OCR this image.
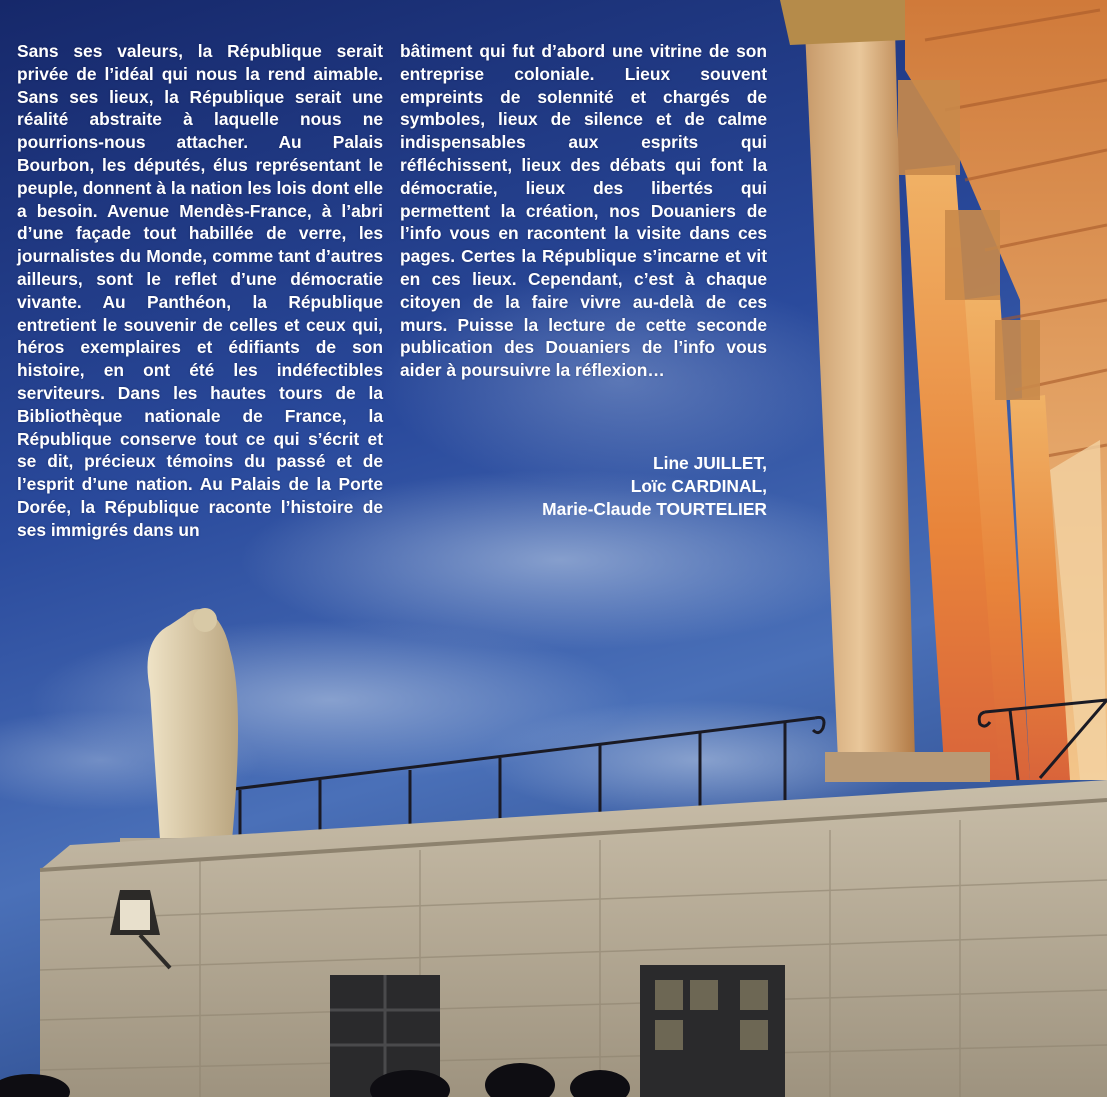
Sans ses valeurs, la République serait privée de l’idéal qui nous la rend aimable. Sans ses lieux, la République serait une réalité abstraite à laquelle nous ne pourrions-nous attacher. Au Palais Bourbon, les députés, élus représentant le peuple, donnent à la nation les lois dont elle a besoin. Avenue Mendès-France, à l’abri d’une façade tout habillée de verre, les journalistes du Monde, comme tant d’autres ailleurs, sont le reflet d’une démocratie vivante. Au Panthéon, la République entretient le souvenir de celles et ceux qui, héros exemplaires et édifiants de son histoire, en ont été les indéfectibles serviteurs. Dans les hautes tours de la Bibliothèque nationale de France, la République conserve tout ce qui s’écrit et se dit, précieux témoins du passé et de l’esprit d’une nation. Au Palais de la Porte Dorée, la République raconte l’histoire de ses immigrés dans un
bâtiment qui fut d’abord une vitrine de son entreprise coloniale. Lieux souvent empreints de solennité et chargés de symboles, lieux de silence et de calme indispensables aux esprits qui réfléchissent, lieux des débats qui font la démocratie, lieux des libertés qui permettent la création, nos Douaniers de l’info vous en racontent la visite dans ces pages. Certes la République s’incarne et vit en ces lieux. Cependant, c’est à chaque citoyen de la faire vivre au-delà de ces murs. Puisse la lecture de cette seconde publication des Douaniers de l’info vous aider à poursuivre la réflexion…
Line JUILLET,
Loïc CARDINAL,
Marie-Claude TOURTELIER
